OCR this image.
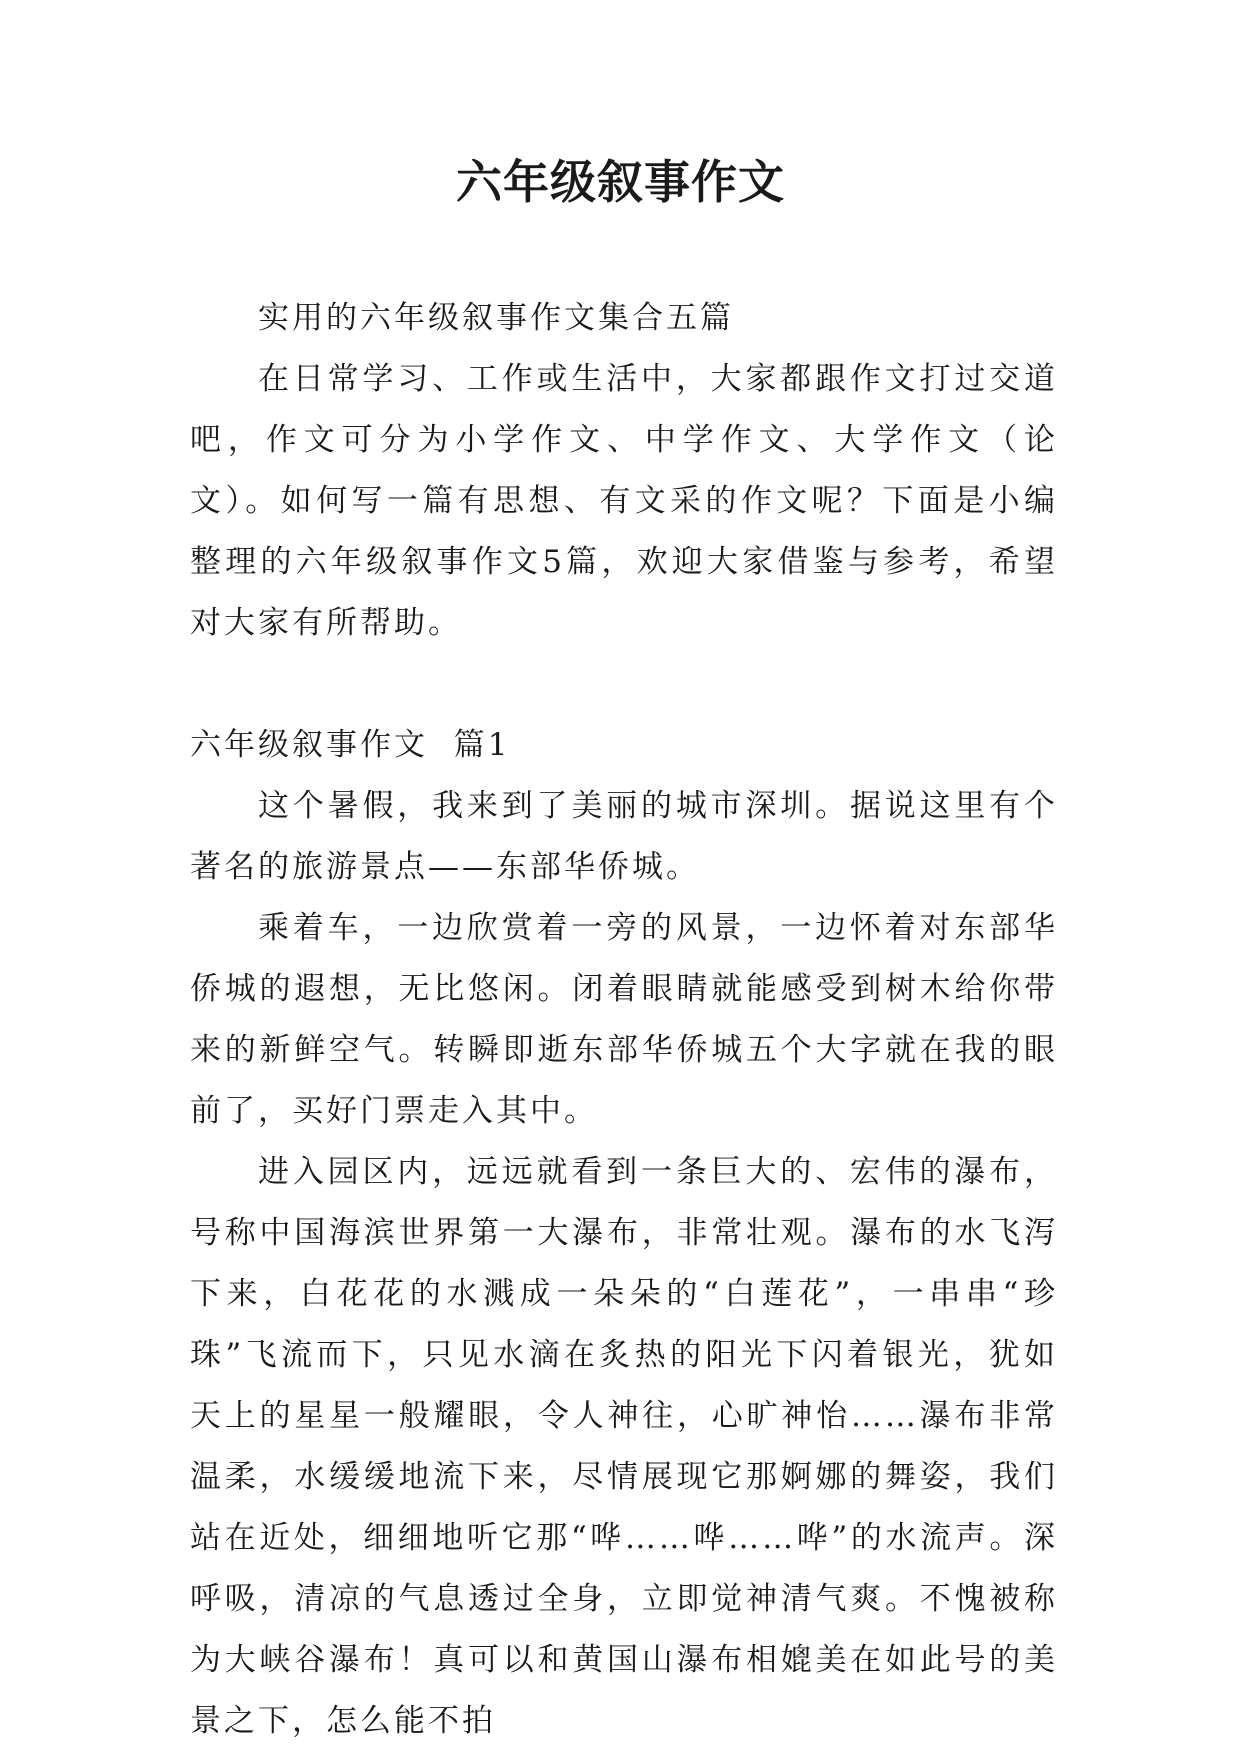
六年级叙事作文

实用的六年级叙事作文集合五篇

在日常学习、工作或生活中，大家都跟作文打过交道吧，作文可分为小学作文、中学作文、大学作文（论文）。如何写一篇有思想、有文采的作文呢？下面是小编整理的六年级叙事作文5篇，欢迎大家借鉴与参考，希望对大家有所帮助。

六年级叙事作文  篇1

这个暑假，我来到了美丽的城市深圳。据说这里有个著名的旅游景点——东部华侨城。

乘着车，一边欣赏着一旁的风景，一边怀着对东部华侨城的遐想，无比悠闲。闭着眼睛就能感受到树木给你带来的新鲜空气。转瞬即逝东部华侨城五个大字就在我的眼前了，买好门票走入其中。

进入园区内，远远就看到一条巨大的、宏伟的瀑布，号称中国海滨世界第一大瀑布，非常壮观。瀑布的水飞泻下来，白花花的水溅成一朵朵的“白莲花”，一串串“珍珠”飞流而下，只见水滴在炙热的阳光下闪着银光，犹如天上的星星一般耀眼，令人神往，心旷神怡……瀑布非常温柔，水缓缓地流下来，尽情展现它那婀娜的舞姿，我们站在近处，细细地听它那“哗……哗……哗”的水流声。深呼吸，清凉的气息透过全身，立即觉神清气爽。不愧被称为大峡谷瀑布！真可以和黄国山瀑布相媲美在如此号的美景之下，怎么能不拍
